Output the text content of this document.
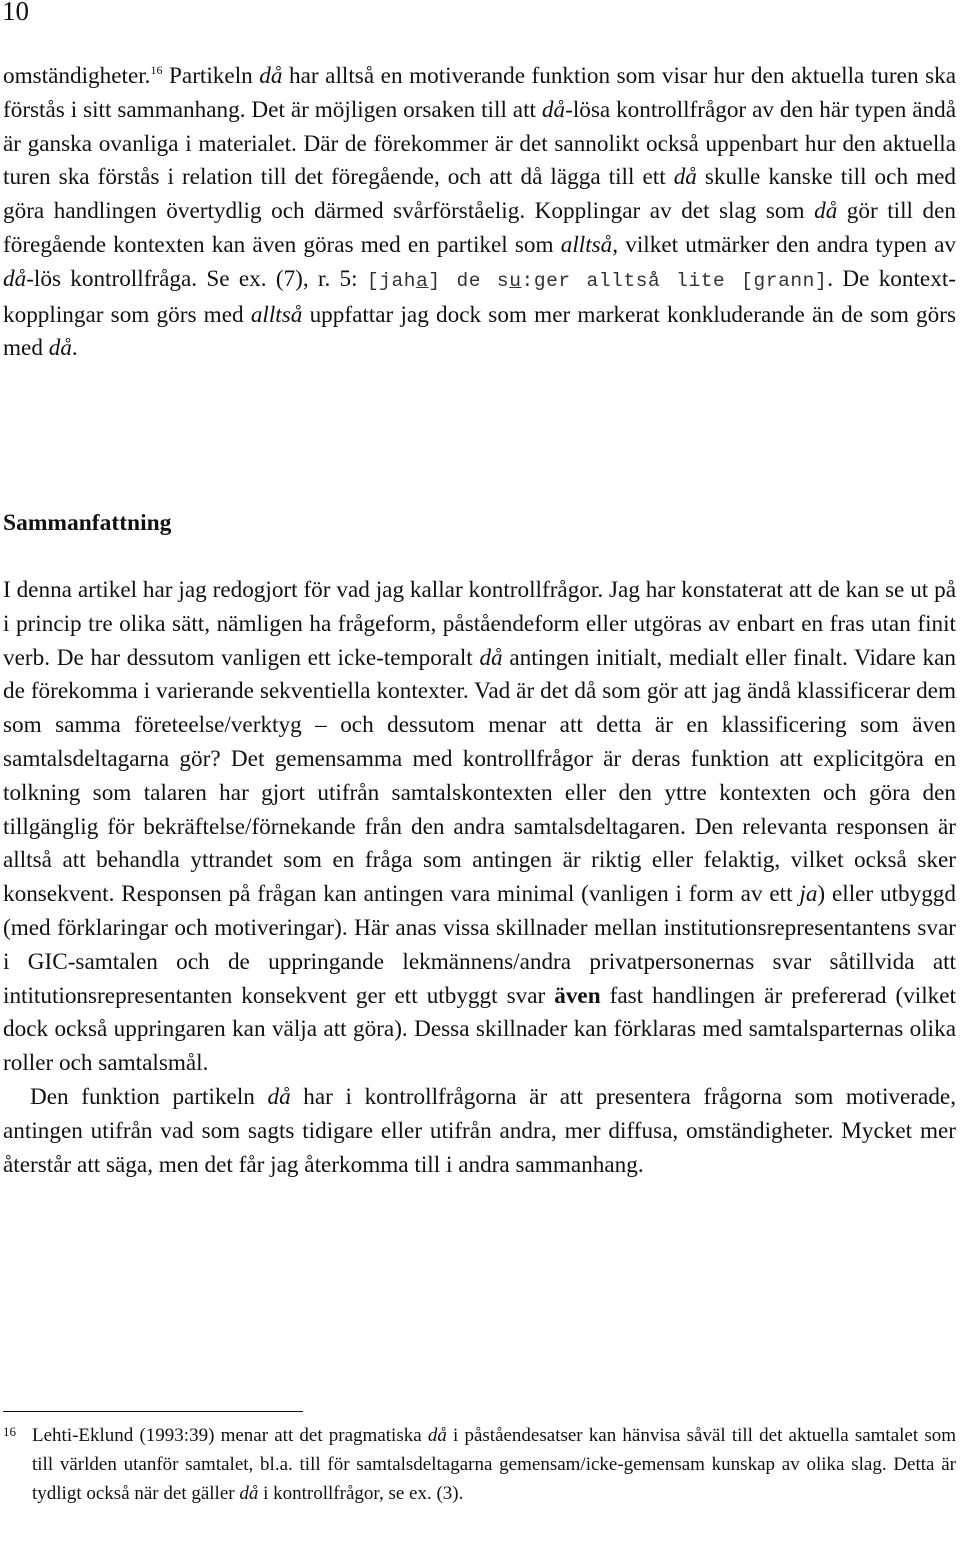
10

omständigheter.$^{16}$ Partikeln då har alltså en motiverande funktion som visar hur den aktuella turen ska förstås i sitt sammanhang. Det är möjligen orsaken till att då-lösa kontrollfrågor av den här typen ändå är ganska ovanliga i materialet. Där de förekommer är det sannolikt också uppenbart hur den aktuella turen ska förstås i relation till det föregående, och att då lägga till ett då skulle kanske till och med göra handlingen övertydlig och därmed svårförståelig. Kopplingar av det slag som då gör till den föregående kontexten kan även göras med en partikel som alltså, vilket utmärker den andra typen av då-lös kontrollfråga. Se ex. (7), r. 5: [jaha] de su:ger alltså lite [grann]. De kontextkopplingar som görs med alltså uppfattar jag dock som mer markerat konkluderande än de som görs med då.

Sammanfattning

I denna artikel har jag redogjort för vad jag kallar kontrollfrågor. Jag har konstaterat att de kan se ut på i princip tre olika sätt, nämligen ha frågeform, påståendeform eller utgöras av enbart en fras utan finit verb. De har dessutom vanligen ett icke-temporalt då antingen initialt, medialt eller finalt. Vidare kan de förekomma i varierande sekventiella kontexter. Vad är det då som gör att jag ändå klassificerar dem som samma företeelse/verktyg – och dessutom menar att detta är en klassificering som även samtalsdeltagarna gör? Det gemensamma med kontrollfrågor är deras funktion att explicitgöra en tolkning som talaren har gjort utifrån samtalskontexten eller den yttre kontexten och göra den tillgänglig för bekräftelse/förnekande från den andra samtalsdeltagaren. Den relevanta responsen är alltså att behandla yttrandet som en fråga som antingen är riktig eller felaktig, vilket också sker konsekvent. Responsen på frågan kan antingen vara minimal (vanligen i form av ett ja) eller utbyggd (med förklaringar och motiveringar). Här anas vissa skillnader mellan institutionsrepresentantens svar i GIC-samtalen och de uppringande lekmännens/andra privatpersonernas svar såtillvida att intitutionsrepresentanten konsekvent ger ett utbyggt svar även fast handlingen är prefererad (vilket dock också uppringaren kan välja att göra). Dessa skillnader kan förklaras med samtalsparternas olika roller och samtalsmål.
Den funktion partikeln då har i kontrollfrågorna är att presentera frågorna som motiverade, antingen utifrån vad som sagts tidigare eller utifrån andra, mer diffusa, omständigheter. Mycket mer återstår att säga, men det får jag återkomma till i andra sammanhang.

16 Lehti-Eklund (1993:39) menar att det pragmatiska då i påståendesatser kan hänvisa såväl till det aktuella samtalet som till världen utanför samtalet, bl.a. till för samtalsdeltagarna gemensam/icke-gemensam kunskap av olika slag. Detta är tydligt också när det gäller då i kontrollfrågor, se ex. (3).
